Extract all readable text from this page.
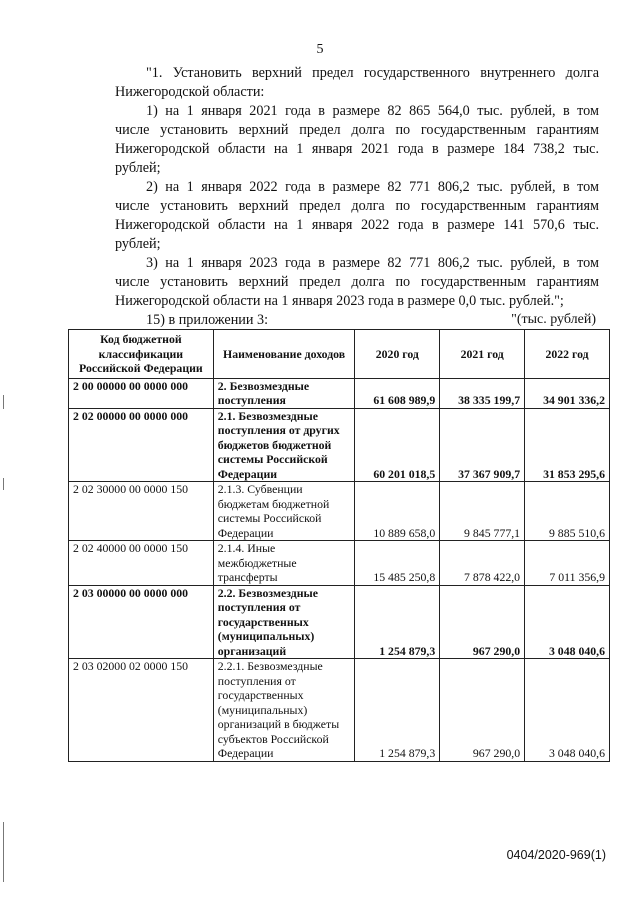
5
"1. Установить верхний предел государственного внутреннего долга
Нижегородской области:
1) на 1 января 2021 года в размере 82 865 564,0 тыс. рублей, в том
числе установить верхний предел долга по государственным гарантиям
Нижегородской области на 1 января 2021 года в размере 184 738,2 тыс.
рублей;
2) на 1 января 2022 года в размере 82 771 806,2 тыс. рублей, в том
числе установить верхний предел долга по государственным гарантиям
Нижегородской области на 1 января 2022 года в размере 141 570,6 тыс.
рублей;
3) на 1 января 2023 года в размере 82 771 806,2 тыс. рублей, в том
числе установить верхний предел долга по государственным гарантиям
Нижегородской области на 1 января 2023 года в размере 0,0 тыс. рублей.";
15) в приложении 3:	"(тыс. рублей)
Код бюджетной классификации Российской Федерации	Наименование доходов	2020 год	2021 год	2022 год
2 00 00000 00 0000 000	2. Безвозмездные поступления	61 608 989,9	38 335 199,7	34 901 336,2
2 02 00000 00 0000 000	2.1. Безвозмездные поступления от других бюджетов бюджетной системы Российской Федерации	60 201 018,5	37 367 909,7	31 853 295,6
2 02 30000 00 0000 150	2.1.3. Субвенции бюджетам бюджетной системы Российской Федерации	10 889 658,0	9 845 777,1	9 885 510,6
2 02 40000 00 0000 150	2.1.4. Иные межбюджетные трансферты	15 485 250,8	7 878 422,0	7 011 356,9
2 03 00000 00 0000 000	2.2. Безвозмездные поступления от государственных (муниципальных) организаций	1 254 879,3	967 290,0	3 048 040,6
2 03 02000 02 0000 150	2.2.1. Безвозмездные поступления от государственных (муниципальных) организаций в бюджеты субъектов Российской Федерации	1 254 879,3	967 290,0	3 048 040,6
0404/2020-969(1)
